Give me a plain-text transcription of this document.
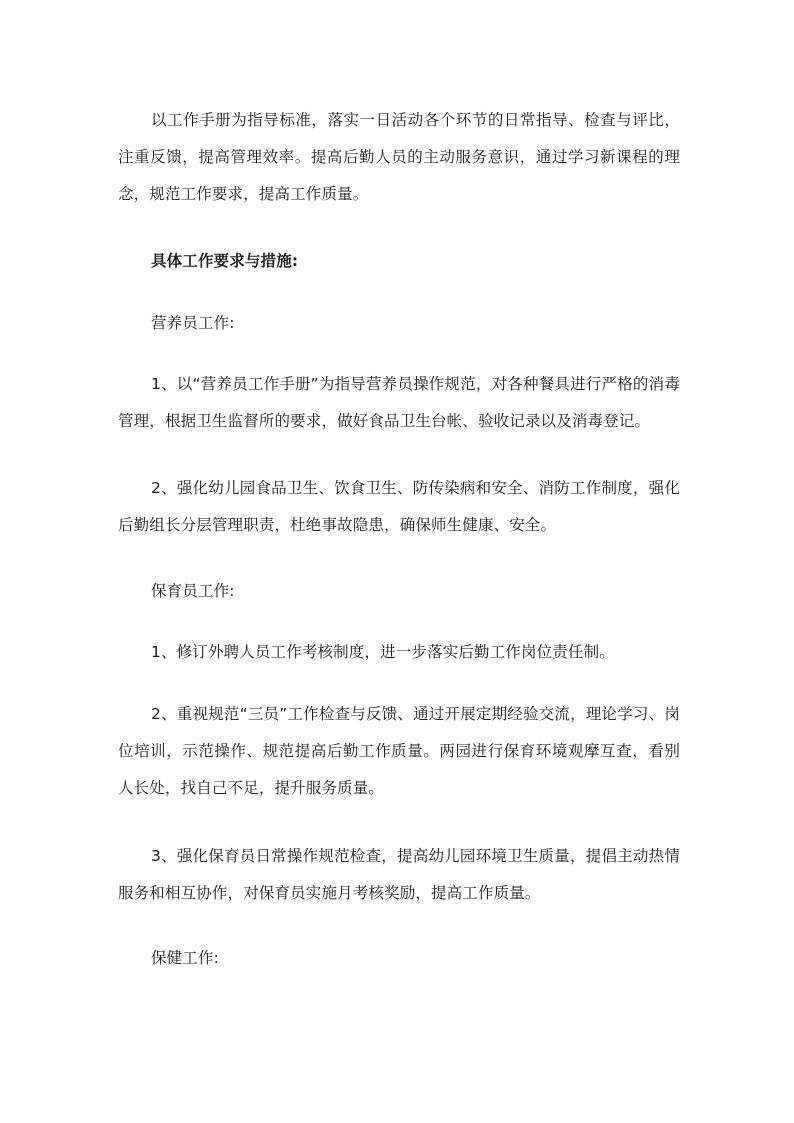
以工作手册为指导标准，落实一日活动各个环节的日常指导、检查与评比，注重反馈，提高管理效率。提高后勤人员的主动服务意识，通过学习新课程的理念，规范工作要求，提高工作质量。

具体工作要求与措施:

营养员工作:

1、以“营养员工作手册”为指导营养员操作规范，对各种餐具进行严格的消毒管理，根据卫生监督所的要求，做好食品卫生台帐、验收记录以及消毒登记。

2、强化幼儿园食品卫生、饮食卫生、防传染病和安全、消防工作制度，强化后勤组长分层管理职责，杜绝事故隐患，确保师生健康、安全。

保育员工作:

1、修订外聘人员工作考核制度，进一步落实后勤工作岗位责任制。

2、重视规范“三员”工作检查与反馈、通过开展定期经验交流，理论学习、岗位培训，示范操作、规范提高后勤工作质量。两园进行保育环境观摩互查，看别人长处，找自己不足，提升服务质量。

3、强化保育员日常操作规范检查，提高幼儿园环境卫生质量，提倡主动热情服务和相互协作，对保育员实施月考核奖励，提高工作质量。

保健工作:
